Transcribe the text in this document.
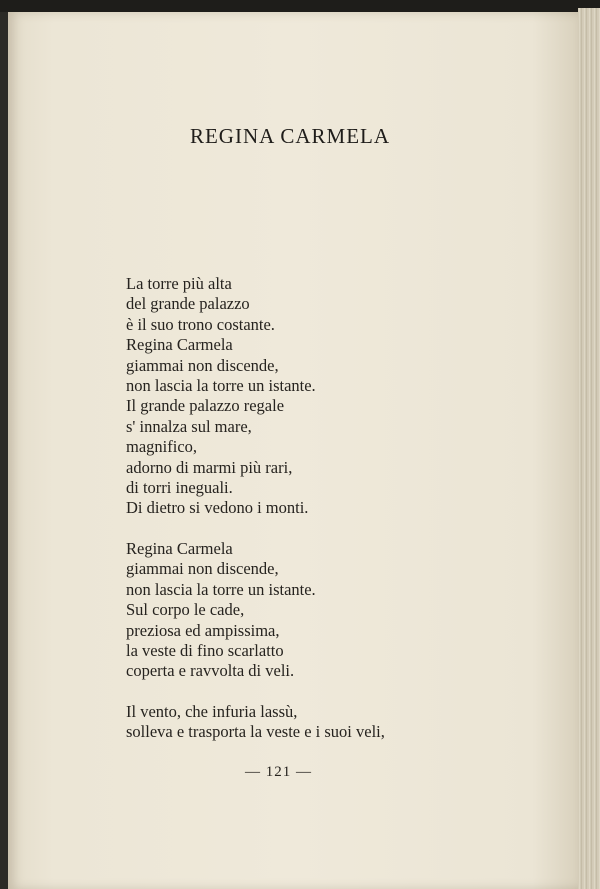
REGINA CARMELA
La torre più alta
del grande palazzo
è il suo trono costante.
Regina Carmela
giammai non discende,
non lascia la torre un istante.
Il grande palazzo regale
s' innalza sul mare,
magnifico,
adorno di marmi più rari,
di torri ineguali.
Di dietro si vedono i monti.
Regina Carmela
giammai non discende,
non lascia la torre un istante.
Sul corpo le cade,
preziosa ed ampissima,
la veste di fino scarlatto
coperta e ravvolta di veli.
Il vento, che infuria lassù,
solleva e trasporta la veste e i suoi veli,
— 121 —
